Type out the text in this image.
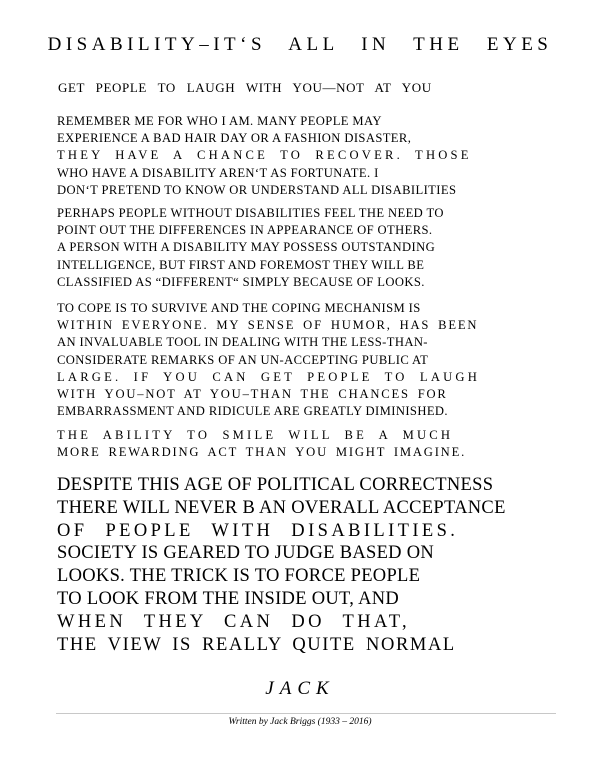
DISABILITY–IT‘S ALL IN THE EYES
GET PEOPLE TO LAUGH WITH YOU—NOT AT YOU
REMEMBER ME FOR WHO I AM. MANY PEOPLE MAY
EXPERIENCE A BAD HAIR DAY OR A FASHION DISASTER,
THEY HAVE A CHANCE TO RECOVER. THOSE
WHO HAVE A DISABILITY AREN‘T AS FORTUNATE. I
DON‘T PRETEND TO KNOW OR UNDERSTAND ALL DISABILITIES
PERHAPS PEOPLE WITHOUT DISABILITIES FEEL THE NEED TO
POINT OUT THE DIFFERENCES IN APPEARANCE OF OTHERS.
A PERSON WITH A DISABILITY MAY POSSESS OUTSTANDING
INTELLIGENCE, BUT FIRST AND FOREMOST THEY WILL BE
CLASSIFIED AS “DIFFERENT“ SIMPLY BECAUSE OF LOOKS.
TO COPE IS TO SURVIVE AND THE COPING MECHANISM IS
WITHIN EVERYONE. MY SENSE OF HUMOR, HAS BEEN
AN INVALUABLE TOOL IN DEALING WITH THE LESS-THAN-
CONSIDERATE REMARKS OF AN UN-ACCEPTING PUBLIC AT
LARGE. IF YOU CAN GET PEOPLE TO LAUGH
WITH YOU–NOT AT YOU–THAN THE CHANCES FOR
EMBARRASSMENT AND RIDICULE ARE GREATLY DIMINISHED.
THE ABILITY TO SMILE WILL BE A MUCH
MORE REWARDING ACT THAN YOU MIGHT IMAGINE.
DESPITE THIS AGE OF POLITICAL CORRECTNESS
THERE WILL NEVER B AN OVERALL ACCEPTANCE
OF PEOPLE WITH DISABILITIES.
SOCIETY IS GEARED TO JUDGE BASED ON
LOOKS. THE TRICK IS TO FORCE PEOPLE
TO LOOK FROM THE INSIDE OUT, AND
WHEN THEY CAN DO THAT,
THE VIEW IS REALLY QUITE NORMAL
JACK
Written by Jack Briggs (1933 – 2016)
